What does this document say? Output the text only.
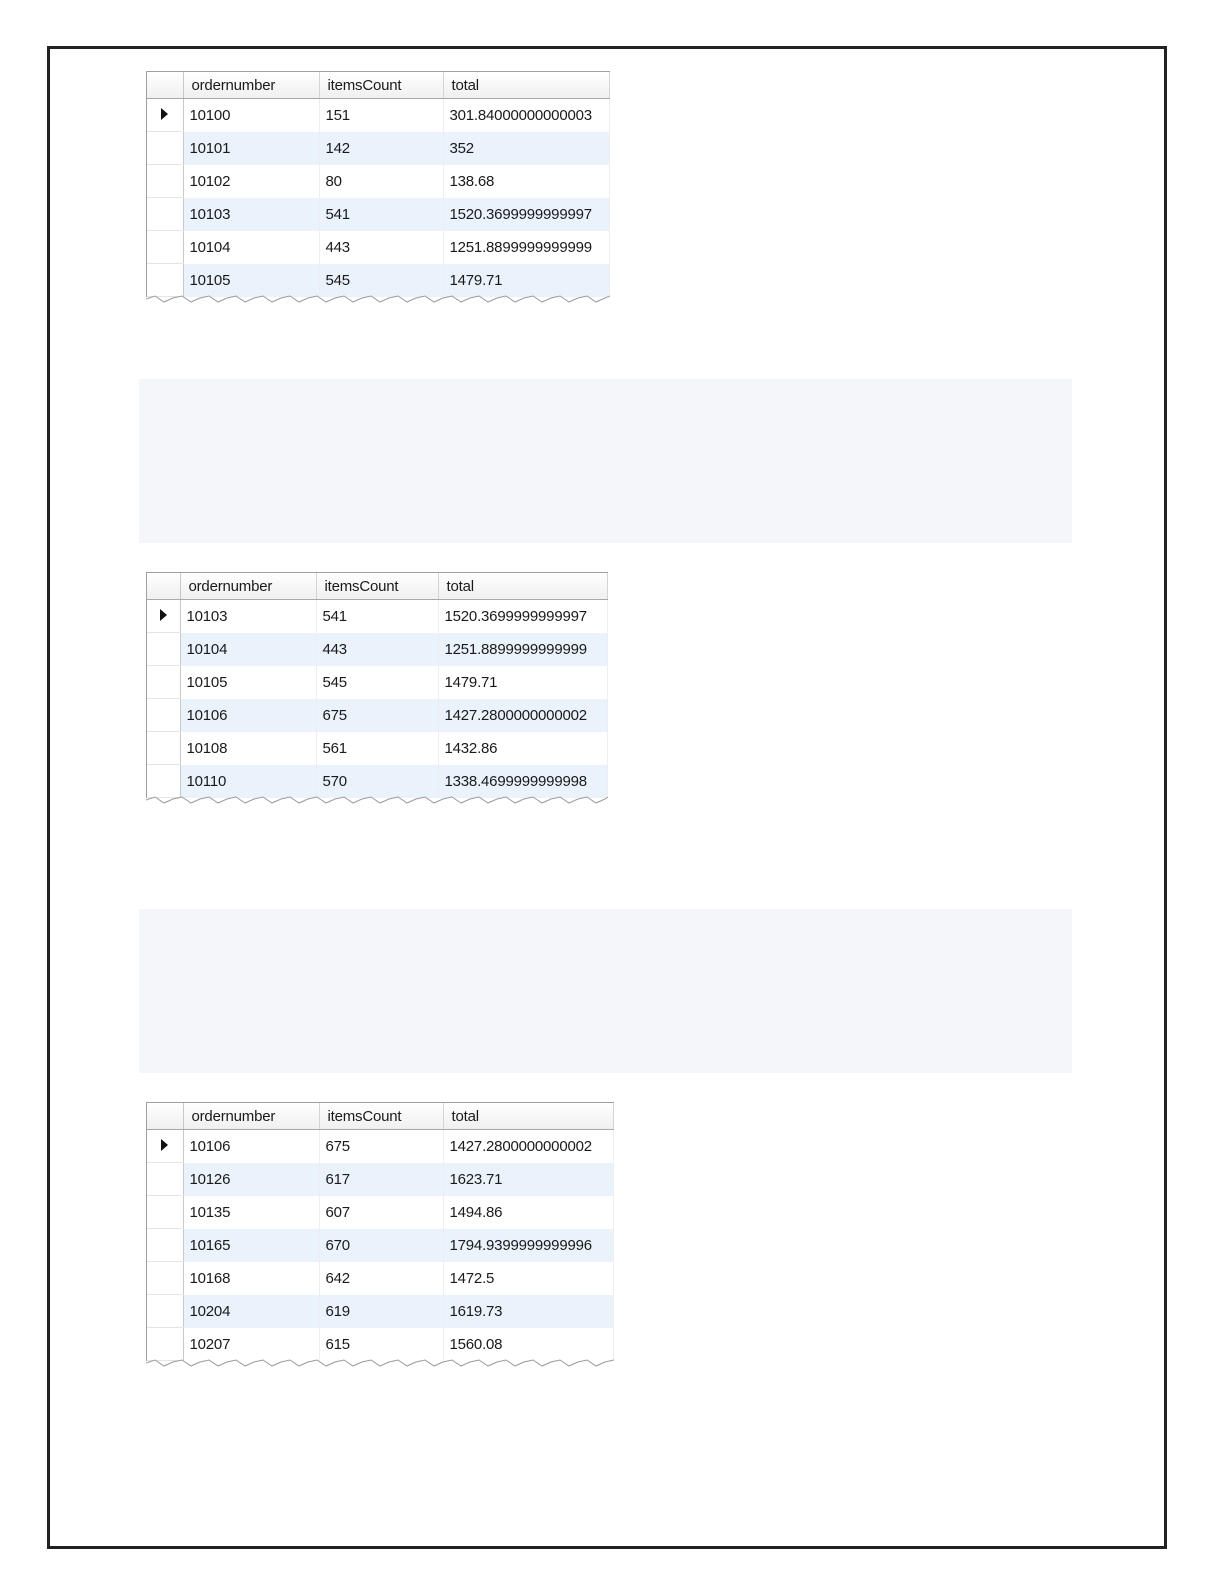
	ordernumber	itemsCount	total
	10100	151	301.84000000000003
	10101	142	352
	10102	80	138.68
	10103	541	1520.3699999999997
	10104	443	1251.8899999999999
	10105	545	1479.71
	ordernumber	itemsCount	total
	10103	541	1520.3699999999997
	10104	443	1251.8899999999999
	10105	545	1479.71
	10106	675	1427.2800000000002
	10108	561	1432.86
	10110	570	1338.4699999999998
	ordernumber	itemsCount	total
	10106	675	1427.2800000000002
	10126	617	1623.71
	10135	607	1494.86
	10165	670	1794.9399999999996
	10168	642	1472.5
	10204	619	1619.73
	10207	615	1560.08
